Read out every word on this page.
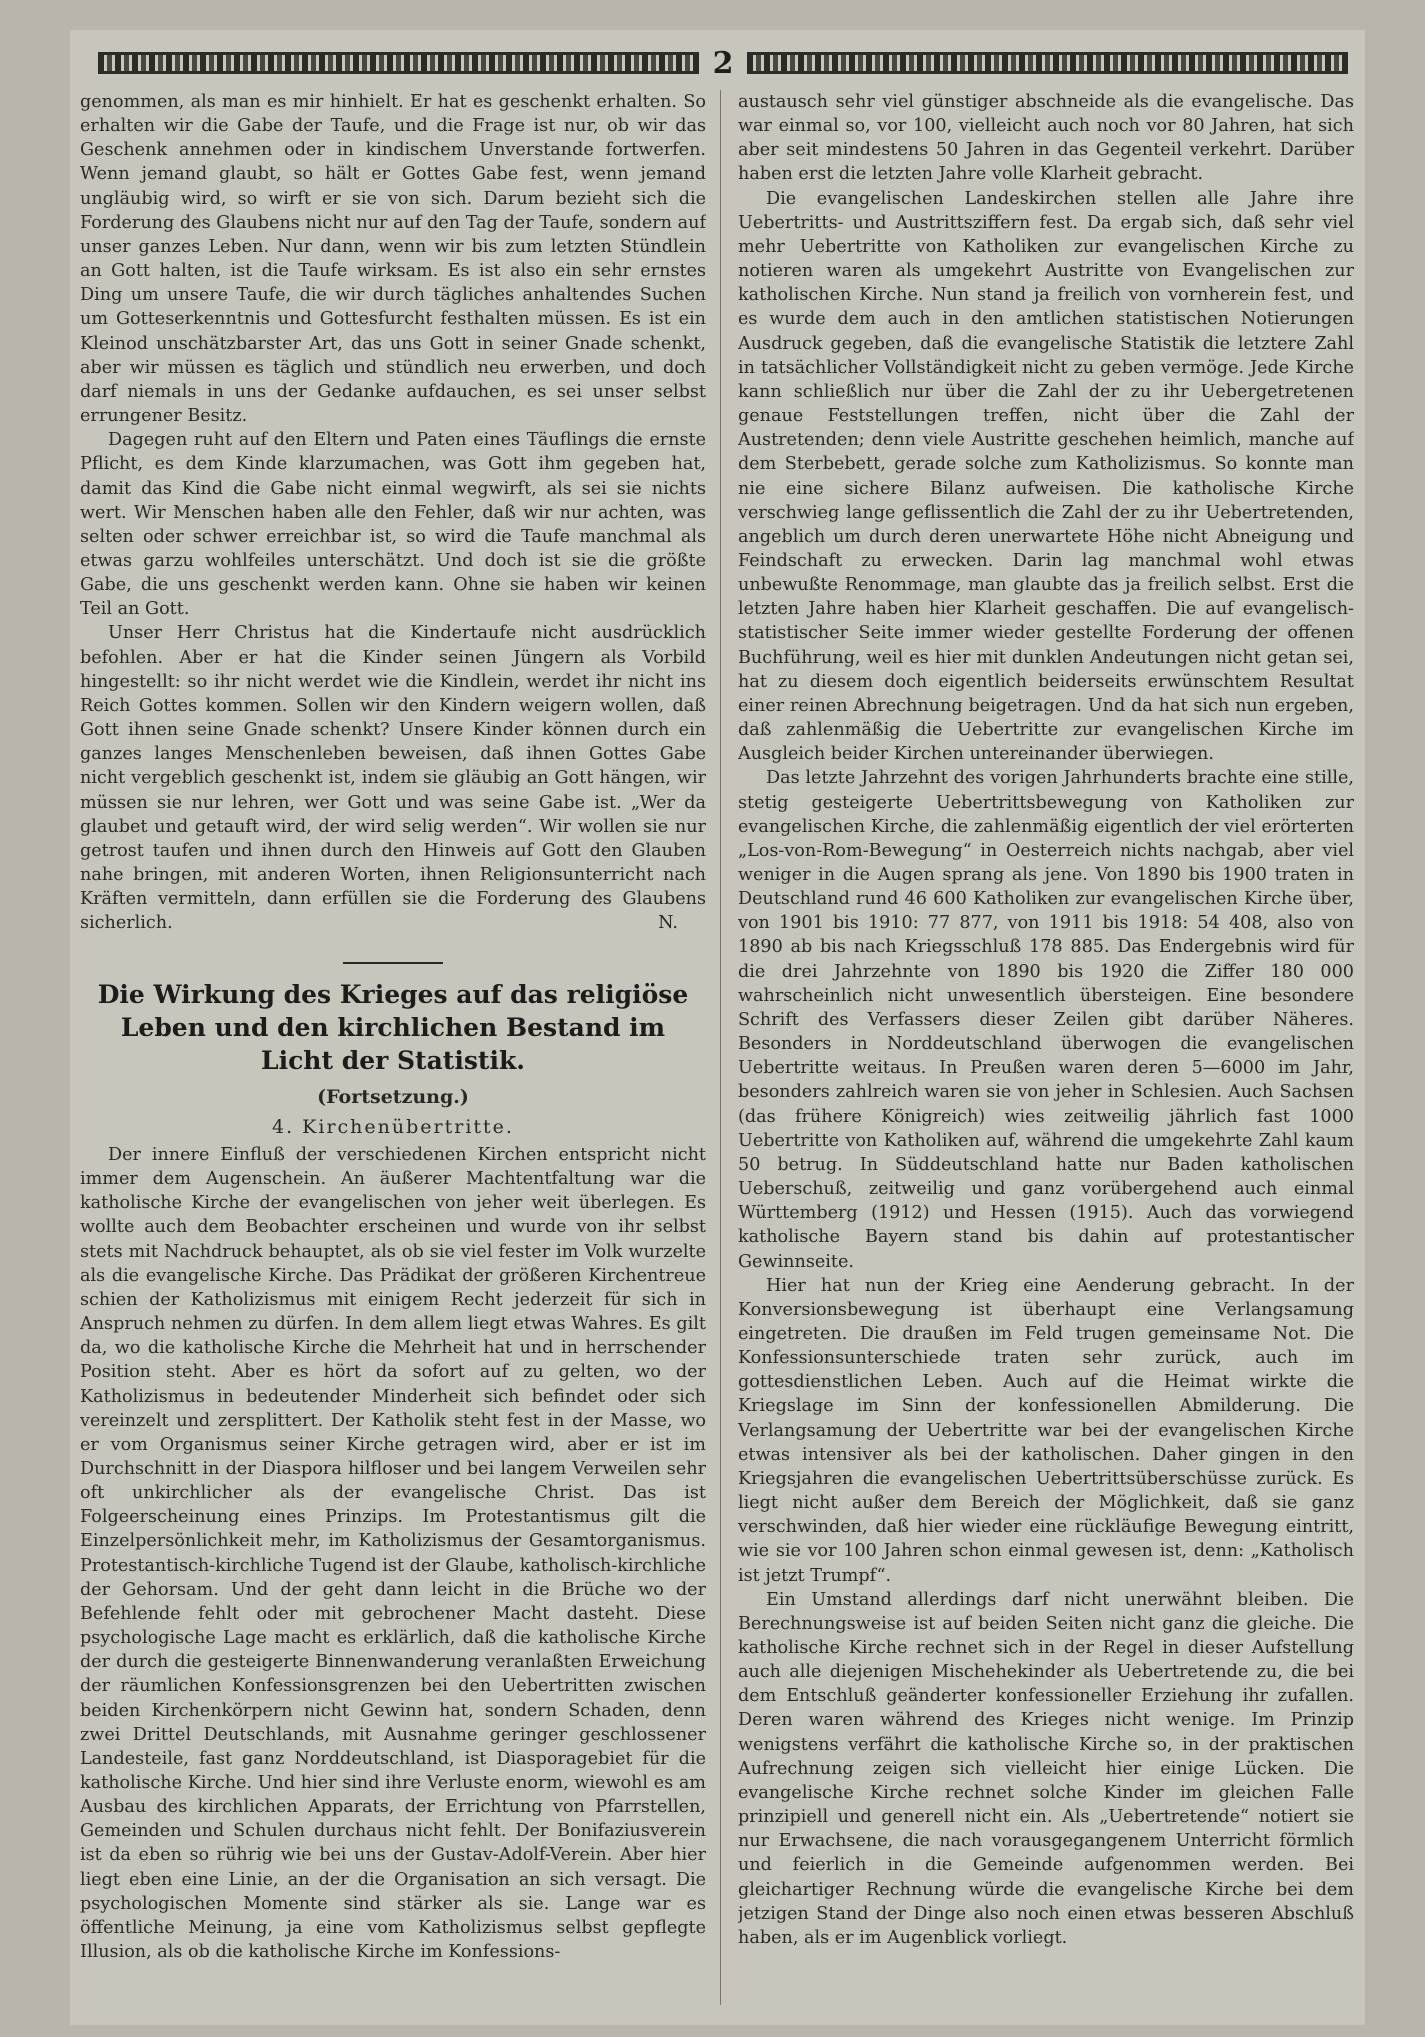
2

genommen, als man es mir hinhielt. Er hat es geschenkt erhalten. So erhalten wir die Gabe der Taufe, und die Frage ist nur, ob wir das Geschenk annehmen oder in kindischem Unverstande fortwerfen. Wenn jemand glaubt, so hält er Gottes Gabe fest, wenn jemand ungläubig wird, so wirft er sie von sich. Darum bezieht sich die Forderung des Glaubens nicht nur auf den Tag der Taufe, sondern auf unser ganzes Leben. Nur dann, wenn wir bis zum letzten Stündlein an Gott halten, ist die Taufe wirksam. Es ist also ein sehr ernstes Ding um unsere Taufe, die wir durch tägliches anhaltendes Suchen um Gotteserkenntnis und Gottesfurcht festhalten müssen. Es ist ein Kleinod unschätzbarster Art, das uns Gott in seiner Gnade schenkt, aber wir müssen es täglich und stündlich neu erwerben, und doch darf niemals in uns der Gedanke aufdauchen, es sei unser selbst errungener Besitz.

Dagegen ruht auf den Eltern und Paten eines Täuflings die ernste Pflicht, es dem Kinde klarzumachen, was Gott ihm gegeben hat, damit das Kind die Gabe nicht einmal wegwirft, als sei sie nichts wert. Wir Menschen haben alle den Fehler, daß wir nur achten, was selten oder schwer erreichbar ist, so wird die Taufe manchmal als etwas garzu wohlfeiles unterschätzt. Und doch ist sie die größte Gabe, die uns geschenkt werden kann. Ohne sie haben wir keinen Teil an Gott.

Unser Herr Christus hat die Kindertaufe nicht ausdrücklich befohlen. Aber er hat die Kinder seinen Jüngern als Vorbild hingestellt: so ihr nicht werdet wie die Kindlein, werdet ihr nicht ins Reich Gottes kommen. Sollen wir den Kindern weigern wollen, daß Gott ihnen seine Gnade schenkt? Unsere Kinder können durch ein ganzes langes Menschenleben beweisen, daß ihnen Gottes Gabe nicht vergeblich geschenkt ist, indem sie gläubig an Gott hängen, wir müssen sie nur lehren, wer Gott und was seine Gabe ist. „Wer da glaubet und getauft wird, der wird selig werden“. Wir wollen sie nur getrost taufen und ihnen durch den Hinweis auf Gott den Glauben nahe bringen, mit anderen Worten, ihnen Religionsunterricht nach Kräften vermitteln, dann erfüllen sie die Forderung des Glaubens sicherlich.	N.

Die Wirkung des Krieges auf das religiöse Leben und den kirchlichen Bestand im Licht der Statistik.
(Fortsetzung.)
4. Kirchenübertritte.

Der innere Einfluß der verschiedenen Kirchen entspricht nicht immer dem Augenschein. An äußerer Machtentfaltung war die katholische Kirche der evangelischen von jeher weit überlegen. Es wollte auch dem Beobachter erscheinen und wurde von ihr selbst stets mit Nachdruck behauptet, als ob sie viel fester im Volk wurzelte als die evangelische Kirche. Das Prädikat der größeren Kirchentreue schien der Katholizismus mit einigem Recht jederzeit für sich in Anspruch nehmen zu dürfen. In dem allem liegt etwas Wahres. Es gilt da, wo die katholische Kirche die Mehrheit hat und in herrschender Position steht. Aber es hört da sofort auf zu gelten, wo der Katholizismus in bedeutender Minderheit sich befindet oder sich vereinzelt und zersplittert. Der Katholik steht fest in der Masse, wo er vom Organismus seiner Kirche getragen wird, aber er ist im Durchschnitt in der Diaspora hilfloser und bei langem Verweilen sehr oft unkirchlicher als der evangelische Christ. Das ist Folgeerscheinung eines Prinzips. Im Protestantismus gilt die Einzelpersönlichkeit mehr, im Katholizismus der Gesamtorganismus. Protestantisch-kirchliche Tugend ist der Glaube, katholisch-kirchliche der Gehorsam. Und der geht dann leicht in die Brüche wo der Befehlende fehlt oder mit gebrochener Macht dasteht. Diese psychologische Lage macht es erklärlich, daß die katholische Kirche der durch die gesteigerte Binnenwanderung veranlaßten Erweichung der räumlichen Konfessionsgrenzen bei den Uebertritten zwischen beiden Kirchenkörpern nicht Gewinn hat, sondern Schaden, denn zwei Drittel Deutschlands, mit Ausnahme geringer geschlossener Landesteile, fast ganz Norddeutschland, ist Diasporagebiet für die katholische Kirche. Und hier sind ihre Verluste enorm, wiewohl es am Ausbau des kirchlichen Apparats, der Errichtung von Pfarrstellen, Gemeinden und Schulen durchaus nicht fehlt. Der Bonifaziusverein ist da eben so rührig wie bei uns der Gustav-Adolf-Verein. Aber hier liegt eben eine Linie, an der die Organisation an sich versagt. Die psychologischen Momente sind stärker als sie. Lange war es öffentliche Meinung, ja eine vom Katholizismus selbst gepflegte Illusion, als ob die katholische Kirche im Konfessions-

austausch sehr viel günstiger abschneide als die evangelische. Das war einmal so, vor 100, vielleicht auch noch vor 80 Jahren, hat sich aber seit mindestens 50 Jahren in das Gegenteil verkehrt. Darüber haben erst die letzten Jahre volle Klarheit gebracht.

Die evangelischen Landeskirchen stellen alle Jahre ihre Uebertritts- und Austrittsziffern fest. Da ergab sich, daß sehr viel mehr Uebertritte von Katholiken zur evangelischen Kirche zu notieren waren als umgekehrt Austritte von Evangelischen zur katholischen Kirche. Nun stand ja freilich von vornherein fest, und es wurde dem auch in den amtlichen statistischen Notierungen Ausdruck gegeben, daß die evangelische Statistik die letztere Zahl in tatsächlicher Vollständigkeit nicht zu geben vermöge. Jede Kirche kann schließlich nur über die Zahl der zu ihr Uebergetretenen genaue Feststellungen treffen, nicht über die Zahl der Austretenden; denn viele Austritte geschehen heimlich, manche auf dem Sterbebett, gerade solche zum Katholizismus. So konnte man nie eine sichere Bilanz aufweisen. Die katholische Kirche verschwieg lange geflissentlich die Zahl der zu ihr Uebertretenden, angeblich um durch deren unerwartete Höhe nicht Abneigung und Feindschaft zu erwecken. Darin lag manchmal wohl etwas unbewußte Renommage, man glaubte das ja freilich selbst. Erst die letzten Jahre haben hier Klarheit geschaffen. Die auf evangelisch-statistischer Seite immer wieder gestellte Forderung der offenen Buchführung, weil es hier mit dunklen Andeutungen nicht getan sei, hat zu diesem doch eigentlich beiderseits erwünschtem Resultat einer reinen Abrechnung beigetragen. Und da hat sich nun ergeben, daß zahlenmäßig die Uebertritte zur evangelischen Kirche im Ausgleich beider Kirchen untereinander überwiegen.

Das letzte Jahrzehnt des vorigen Jahrhunderts brachte eine stille, stetig gesteigerte Uebertrittsbewegung von Katholiken zur evangelischen Kirche, die zahlenmäßig eigentlich der viel erörterten „Los-von-Rom-Bewegung“ in Oesterreich nichts nachgab, aber viel weniger in die Augen sprang als jene. Von 1890 bis 1900 traten in Deutschland rund 46 600 Katholiken zur evangelischen Kirche über, von 1901 bis 1910: 77 877, von 1911 bis 1918: 54 408, also von 1890 ab bis nach Kriegsschluß 178 885. Das Endergebnis wird für die drei Jahrzehnte von 1890 bis 1920 die Ziffer 180 000 wahrscheinlich nicht unwesentlich übersteigen. Eine besondere Schrift des Verfassers dieser Zeilen gibt darüber Näheres. Besonders in Norddeutschland überwogen die evangelischen Uebertritte weitaus. In Preußen waren deren 5—6000 im Jahr, besonders zahlreich waren sie von jeher in Schlesien. Auch Sachsen (das frühere Königreich) wies zeitweilig jährlich fast 1000 Uebertritte von Katholiken auf, während die umgekehrte Zahl kaum 50 betrug. In Süddeutschland hatte nur Baden katholischen Ueberschuß, zeitweilig und ganz vorübergehend auch einmal Württemberg (1912) und Hessen (1915). Auch das vorwiegend katholische Bayern stand bis dahin auf protestantischer Gewinnseite.

Hier hat nun der Krieg eine Aenderung gebracht. In der Konversionsbewegung ist überhaupt eine Verlangsamung eingetreten. Die draußen im Feld trugen gemeinsame Not. Die Konfessionsunterschiede traten sehr zurück, auch im gottesdienstlichen Leben. Auch auf die Heimat wirkte die Kriegslage im Sinn der konfessionellen Abmilderung. Die Verlangsamung der Uebertritte war bei der evangelischen Kirche etwas intensiver als bei der katholischen. Daher gingen in den Kriegsjahren die evangelischen Uebertrittsüberschüsse zurück. Es liegt nicht außer dem Bereich der Möglichkeit, daß sie ganz verschwinden, daß hier wieder eine rückläufige Bewegung eintritt, wie sie vor 100 Jahren schon einmal gewesen ist, denn: „Katholisch ist jetzt Trumpf“.

Ein Umstand allerdings darf nicht unerwähnt bleiben. Die Berechnungsweise ist auf beiden Seiten nicht ganz die gleiche. Die katholische Kirche rechnet sich in der Regel in dieser Aufstellung auch alle diejenigen Mischehekinder als Uebertretende zu, die bei dem Entschluß geänderter konfessioneller Erziehung ihr zufallen. Deren waren während des Krieges nicht wenige. Im Prinzip wenigstens verfährt die katholische Kirche so, in der praktischen Aufrechnung zeigen sich vielleicht hier einige Lücken. Die evangelische Kirche rechnet solche Kinder im gleichen Falle prinzipiell und generell nicht ein. Als „Uebertretende“ notiert sie nur Erwachsene, die nach vorausgegangenem Unterricht förmlich und feierlich in die Gemeinde aufgenommen werden. Bei gleichartiger Rechnung würde die evangelische Kirche bei dem jetzigen Stand der Dinge also noch einen etwas besseren Abschluß haben, als er im Augenblick vorliegt.
